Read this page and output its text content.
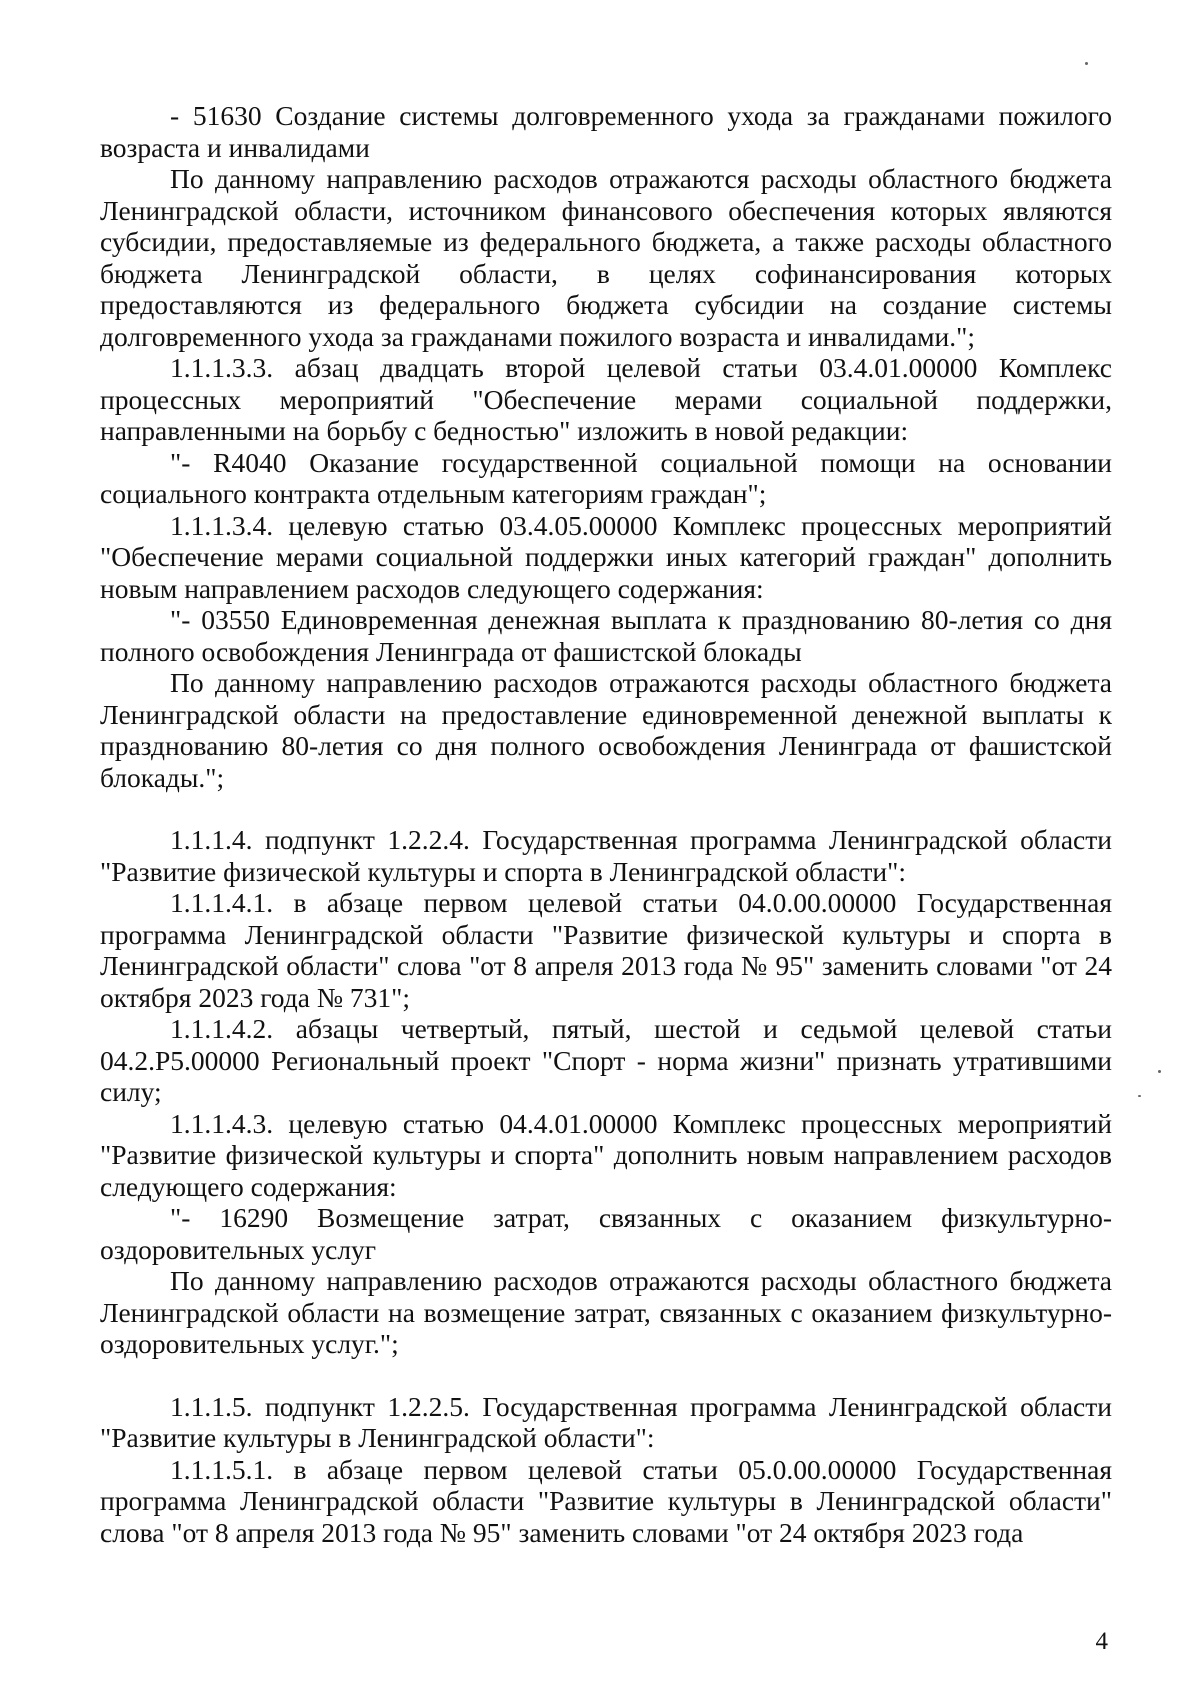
- 51630 Создание системы долговременного ухода за гражданами пожилого возраста и инвалидами

По данному направлению расходов отражаются расходы областного бюджета Ленинградской области, источником финансового обеспечения которых являются субсидии, предоставляемые из федерального бюджета, а также расходы областного бюджета Ленинградской области, в целях софинансирования которых предоставляются из федерального бюджета субсидии на создание системы долговременного ухода за гражданами пожилого возраста и инвалидами.";

1.1.1.3.3. абзац двадцать второй целевой статьи 03.4.01.00000 Комплекс процессных мероприятий "Обеспечение мерами социальной поддержки, направленными на борьбу с бедностью" изложить в новой редакции:

"- R4040 Оказание государственной социальной помощи на основании социального контракта отдельным категориям граждан";

1.1.1.3.4. целевую статью 03.4.05.00000 Комплекс процессных мероприятий "Обеспечение мерами социальной поддержки иных категорий граждан" дополнить новым направлением расходов следующего содержания:

"- 03550 Единовременная денежная выплата к празднованию 80-летия со дня полного освобождения Ленинграда от фашистской блокады

По данному направлению расходов отражаются расходы областного бюджета Ленинградской области на предоставление единовременной денежной выплаты к празднованию 80-летия со дня полного освобождения Ленинграда от фашистской блокады.";

1.1.1.4. подпункт 1.2.2.4. Государственная программа Ленинградской области "Развитие физической культуры и спорта в Ленинградской области":

1.1.1.4.1. в абзаце первом целевой статьи 04.0.00.00000 Государственная программа Ленинградской области "Развитие физической культуры и спорта в Ленинградской области" слова "от 8 апреля 2013 года № 95" заменить словами "от 24 октября 2023 года № 731";

1.1.1.4.2. абзацы четвертый, пятый, шестой и седьмой целевой статьи 04.2.Р5.00000 Региональный проект "Спорт - норма жизни" признать утратившими силу;

1.1.1.4.3. целевую статью 04.4.01.00000 Комплекс процессных мероприятий "Развитие физической культуры и спорта" дополнить новым направлением расходов следующего содержания:

"- 16290 Возмещение затрат, связанных с оказанием физкультурно-оздоровительных услуг

По данному направлению расходов отражаются расходы областного бюджета Ленинградской области на возмещение затрат, связанных с оказанием физкультурно-оздоровительных услуг.";

1.1.1.5. подпункт 1.2.2.5. Государственная программа Ленинградской области "Развитие культуры в Ленинградской области":

1.1.1.5.1. в абзаце первом целевой статьи 05.0.00.00000 Государственная программа Ленинградской области "Развитие культуры в Ленинградской области" слова "от 8 апреля 2013 года № 95" заменить словами "от 24 октября 2023 года

4
